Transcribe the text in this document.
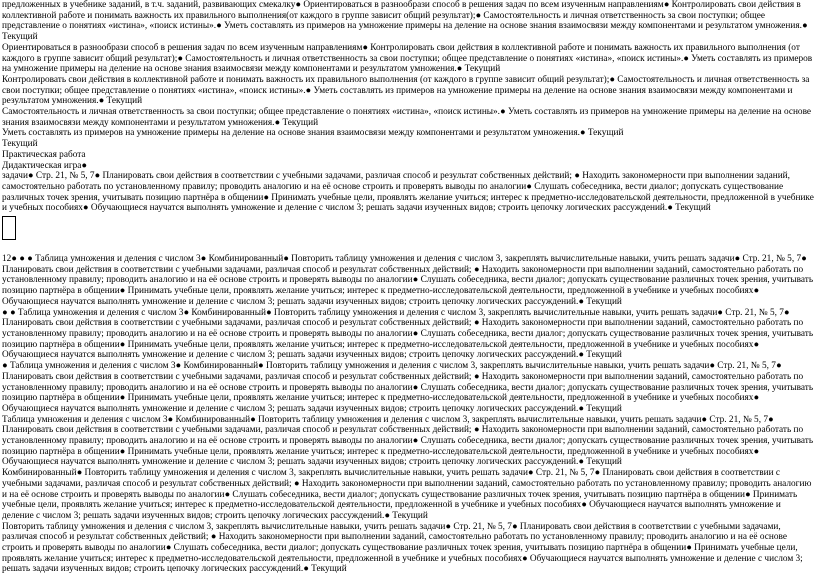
предложенных в учебнике заданий, в т.ч. заданий, развивающих смекалку● Ориентироваться в разнообрази способ в решения задач по всем изученным направлениям● Контролировать свои действия в коллективной работе и понимать важность их правильного выполнения(от каждого в группе зависит общий результат);● Самостоятельность и личная ответственность за свои поступки; общее представление о понятиях «истина», «поиск истины».● Уметь составлять из примеров на умножение примеры на деление на основе знания взаимосвязи между компонентами и результатом умножения.● Текущий

Ориентироваться в разнообрази способ в решения задач по всем изученным направлениям● Контролировать свои действия в коллективной работе и понимать важность их правильного выполнения (от каждого в группе зависит общий результат);● Самостоятельность и личная ответственность за свои поступки; общее представление о понятиях «истина», «поиск истины».● Уметь составлять из примеров на умножение примеры на деление на основе знания взаимосвязи между компонентами и результатом умножения.● Текущий

Контролировать свои действия в коллективной работе и понимать важность их правильного выполнения (от каждого в группе зависит общий результат);● Самостоятельность и личная ответственность за свои поступки; общее представление о понятиях «истина», «поиск истины».● Уметь составлять из примеров на умножение примеры на деление на основе знания взаимосвязи между компонентами и результатом умножения.● Текущий

Самостоятельность и личная ответственность за свои поступки; общее представление о понятиях «истина», «поиск истины».● Уметь составлять из примеров на умножение примеры на деление на основе знания взаимосвязи между компонентами и результатом умножения.● Текущий

Уметь составлять из примеров на умножение примеры на деление на основе знания взаимосвязи между компонентами и результатом умножения.● Текущий

Текущий

Практическая работа

Дидактическая игра●

задачи● Стр. 21, № 5, 7● Планировать свои действия в соответствии с учебными задачами, различая способ и результат собственных действий; ● Находить закономерности при выполнении заданий, самостоятельно работать по установленному правилу; проводить аналогию и на её основе строить и проверять выводы по аналогии● Слушать собеседника, вести диалог; допускать существование различных точек зрения, учитывать позицию партнёра в общении● Принимать учебные цели, проявлять желание учиться; интерес к предметно-исследовательской деятельности, предложенной в учебнике и учебных пособиях● Обучающиеся научатся выполнять умножение и деление с числом 3; решать задачи изученных видов; строить цепочку логических рассуждений.● Текущий

12● ● ● Таблица умножения и деления с числом 3● Комбинированный● Повторить таблицу умножения и деления с числом 3, закреплять вычислительные навыки, учить решать задачи● Стр. 21, № 5, 7● Планировать свои действия в соответствии с учебными задачами, различая способ и результат собственных действий; ● Находить закономерности при выполнении заданий, самостоятельно работать по установленному правилу; проводить аналогию и на её основе строить и проверять выводы по аналогии● Слушать собеседника, вести диалог; допускать существование различных точек зрения, учитывать позицию партнёра в общении● Принимать учебные цели, проявлять желание учиться; интерес к предметно-исследовательской деятельности, предложенной в учебнике и учебных пособиях● Обучающиеся научатся выполнять умножение и деление с числом 3; решать задачи изученных видов; строить цепочку логических рассуждений.● Текущий

● ● Таблица умножения и деления с числом 3● Комбинированный● Повторить таблицу умножения и деления с числом 3, закреплять вычислительные навыки, учить решать задачи● Стр. 21, № 5, 7● Планировать свои действия в соответствии с учебными задачами, различая способ и результат собственных действий; ● Находить закономерности при выполнении заданий, самостоятельно работать по установленному правилу; проводить аналогию и на её основе строить и проверять выводы по аналогии● Слушать собеседника, вести диалог; допускать существование различных точек зрения, учитывать позицию партнёра в общении● Принимать учебные цели, проявлять желание учиться; интерес к предметно-исследовательской деятельности, предложенной в учебнике и учебных пособиях● Обучающиеся научатся выполнять умножение и деление с числом 3; решать задачи изученных видов; строить цепочку логических рассуждений.● Текущий

● Таблица умножения и деления с числом 3● Комбинированный● Повторить таблицу умножения и деления с числом 3, закреплять вычислительные навыки, учить решать задачи● Стр. 21, № 5, 7● Планировать свои действия в соответствии с учебными задачами, различая способ и результат собственных действий; ● Находить закономерности при выполнении заданий, самостоятельно работать по установленному правилу; проводить аналогию и на её основе строить и проверять выводы по аналогии● Слушать собеседника, вести диалог; допускать существование различных точек зрения, учитывать позицию партнёра в общении● Принимать учебные цели, проявлять желание учиться; интерес к предметно-исследовательской деятельности, предложенной в учебнике и учебных пособиях● Обучающиеся научатся выполнять умножение и деление с числом 3; решать задачи изученных видов; строить цепочку логических рассуждений.● Текущий

Таблица умножения и деления с числом 3● Комбинированный● Повторить таблицу умножения и деления с числом 3, закреплять вычислительные навыки, учить решать задачи● Стр. 21, № 5, 7● Планировать свои действия в соответствии с учебными задачами, различая способ и результат собственных действий; ● Находить закономерности при выполнении заданий, самостоятельно работать по установленному правилу; проводить аналогию и на её основе строить и проверять выводы по аналогии● Слушать собеседника, вести диалог; допускать существование различных точек зрения, учитывать позицию партнёра в общении● Принимать учебные цели, проявлять желание учиться; интерес к предметно-исследовательской деятельности, предложенной в учебнике и учебных пособиях● Обучающиеся научатся выполнять умножение и деление с числом 3; решать задачи изученных видов; строить цепочку логических рассуждений.● Текущий

Комбинированный● Повторить таблицу умножения и деления с числом 3, закреплять вычислительные навыки, учить решать задачи● Стр. 21, № 5, 7● Планировать свои действия в соответствии с учебными задачами, различая способ и результат собственных действий; ● Находить закономерности при выполнении заданий, самостоятельно работать по установленному правилу; проводить аналогию и на её основе строить и проверять выводы по аналогии● Слушать собеседника, вести диалог; допускать существование различных точек зрения, учитывать позицию партнёра в общении● Принимать учебные цели, проявлять желание учиться; интерес к предметно-исследовательской деятельности, предложенной в учебнике и учебных пособиях● Обучающиеся научатся выполнять умножение и деление с числом 3; решать задачи изученных видов; строить цепочку логических рассуждений.● Текущий

Повторить таблицу умножения и деления с числом 3, закреплять вычислительные навыки, учить решать задачи● Стр. 21, № 5, 7● Планировать свои действия в соответствии с учебными задачами, различая способ и результат собственных действий; ● Находить закономерности при выполнении заданий, самостоятельно работать по установленному правилу; проводить аналогию и на её основе строить и проверять выводы по аналогии● Слушать собеседника, вести диалог; допускать существование различных точек зрения, учитывать позицию партнёра в общении● Принимать учебные цели, проявлять желание учиться; интерес к предметно-исследовательской деятельности, предложенной в учебнике и учебных пособиях● Обучающиеся научатся выполнять умножение и деление с числом 3; решать задачи изученных видов; строить цепочку логических рассуждений.● Текущий
